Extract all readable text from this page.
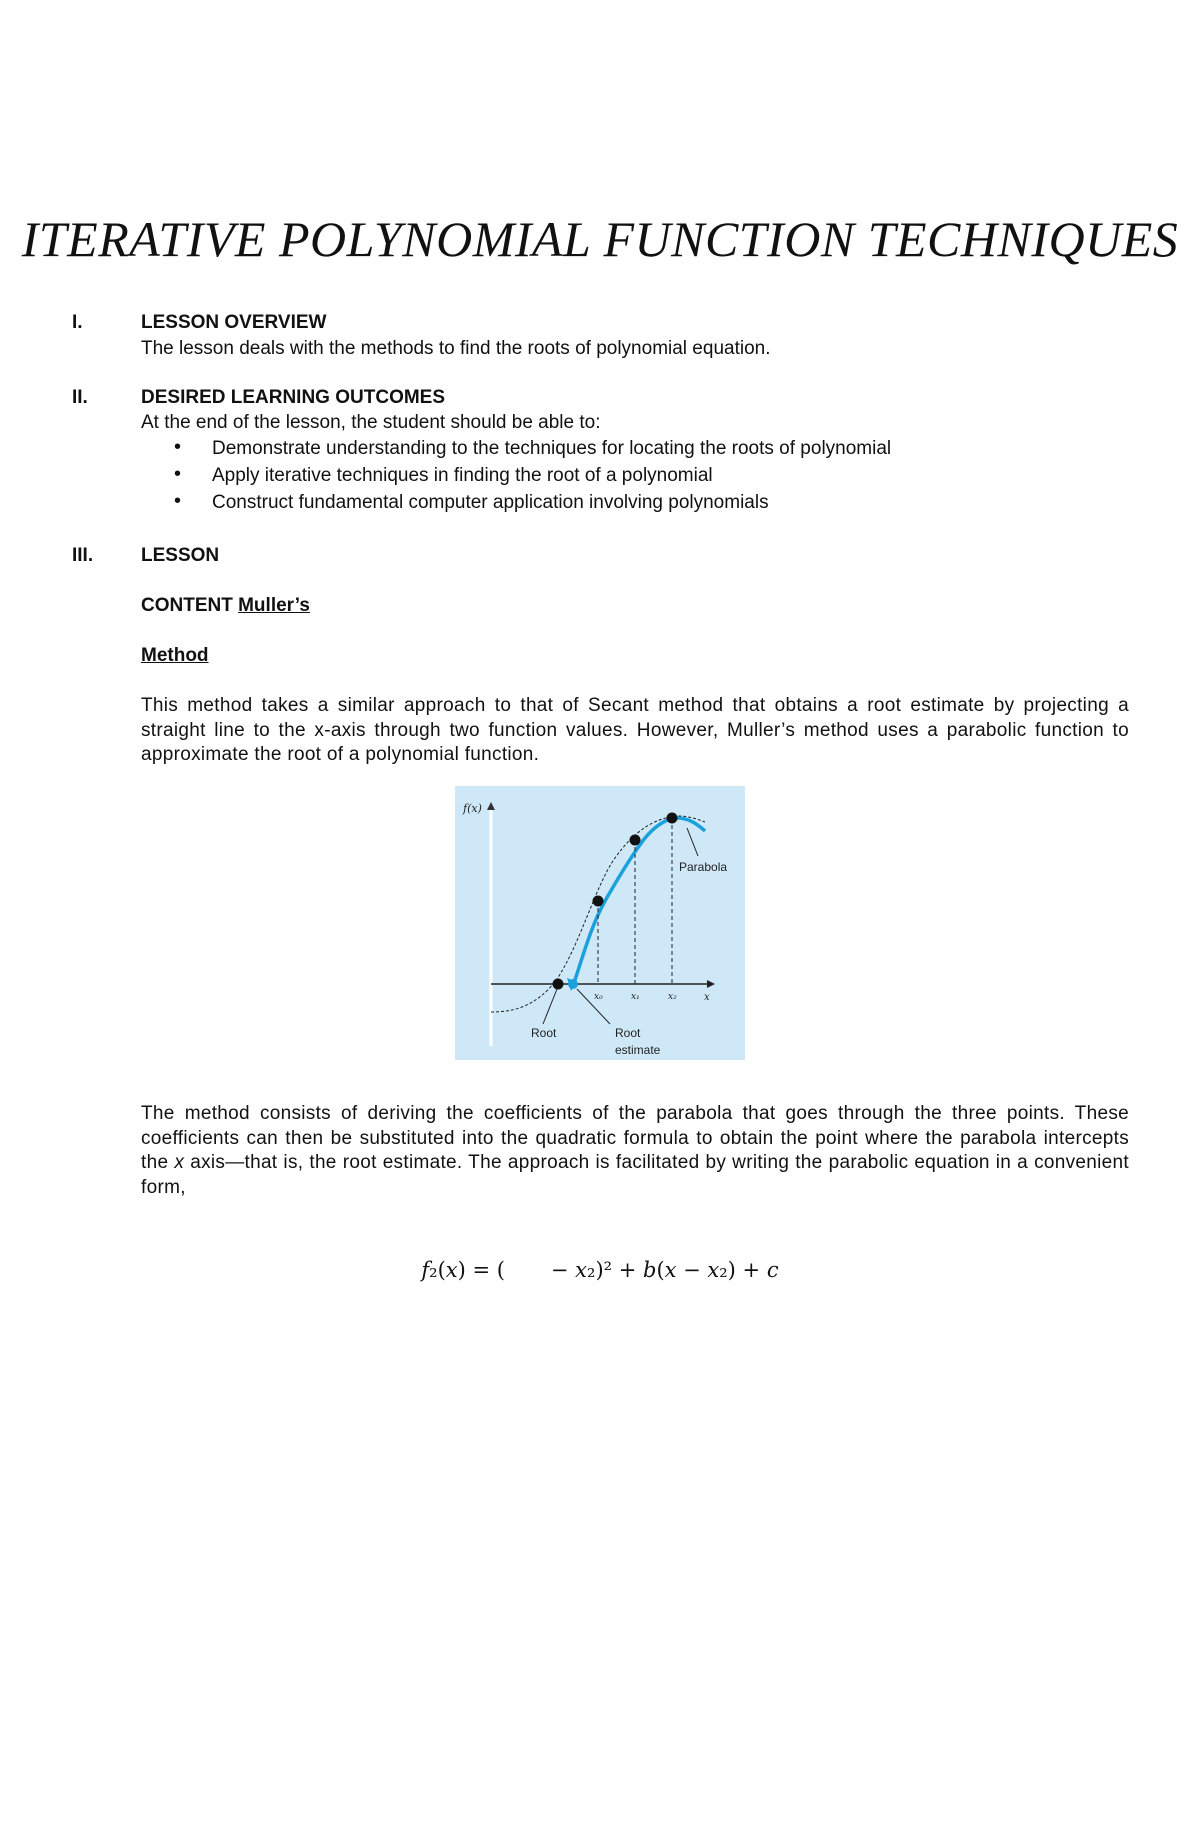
ITERATIVE POLYNOMIAL FUNCTION TECHNIQUES
I.	LESSON OVERVIEW
The lesson deals with the methods to find the roots of polynomial equation.
II.	DESIRED LEARNING OUTCOMES
At the end of the lesson, the student should be able to:
• Demonstrate understanding to the techniques for locating the roots of polynomial
• Apply iterative techniques in finding the root of a polynomial
• Construct fundamental computer application involving polynomials
III.	LESSON
CONTENT Muller’s
Method
This method takes a similar approach to that of Secant method that obtains a root estimate by projecting a straight line to the x-axis through two function values. However, Muller’s method uses a parabolic function to approximate the root of a polynomial function.
f(x)
x
x₀	x₁	x₂
Parabola
Root	Root
estimate
The method consists of deriving the coefficients of the parabola that goes through the three points. These coefficients can then be substituted into the quadratic formula to obtain the point where the parabola intercepts the x axis—that is, the root estimate. The approach is facilitated by writing the parabolic equation in a convenient form,
𝑓₂(𝑥) = ( − 𝑥₂)² + 𝑏(𝑥 − 𝑥₂) + 𝑐
